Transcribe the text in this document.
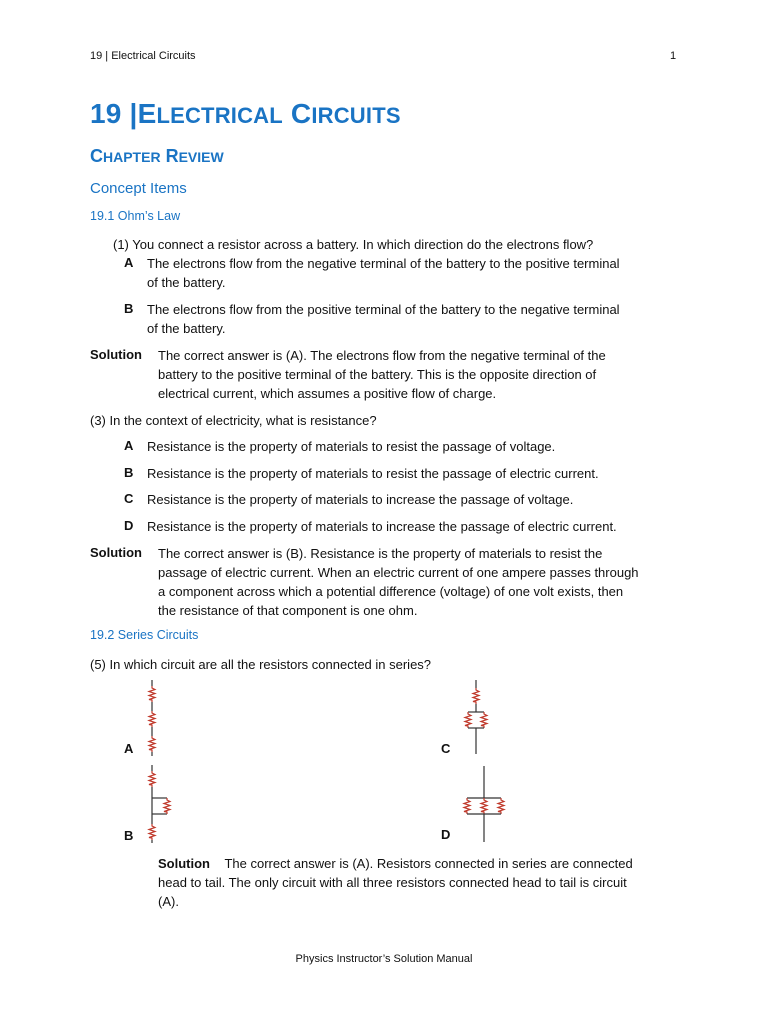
19 | Electrical Circuits	1
19 |ELECTRICAL CIRCUITS
CHAPTER REVIEW
Concept Items
19.1 Ohm’s Law
(1) You connect a resistor across a battery. In which direction do the electrons flow?
A The electrons flow from the negative terminal of the battery to the positive terminal
of the battery.
B The electrons flow from the positive terminal of the battery to the negative terminal
of the battery.
Solution The correct answer is (A). The electrons flow from the negative terminal of the
battery to the positive terminal of the battery. This is the opposite direction of
electrical current, which assumes a positive flow of charge.
(3) In the context of electricity, what is resistance?
A Resistance is the property of materials to resist the passage of voltage.
B Resistance is the property of materials to resist the passage of electric current.
C Resistance is the property of materials to increase the passage of voltage.
D Resistance is the property of materials to increase the passage of electric current.
Solution The correct answer is (B). Resistance is the property of materials to resist the
passage of electric current. When an electric current of one ampere passes through
a component across which a potential difference (voltage) of one volt exists, then
the resistance of that component is one ohm.
19.2 Series Circuits
(5) In which circuit are all the resistors connected in series?
A
B
C
D
Solution The correct answer is (A). Resistors connected in series are connected
head to tail. The only circuit with all three resistors connected head to tail is circuit
(A).
Physics Instructor’s Solution Manual
